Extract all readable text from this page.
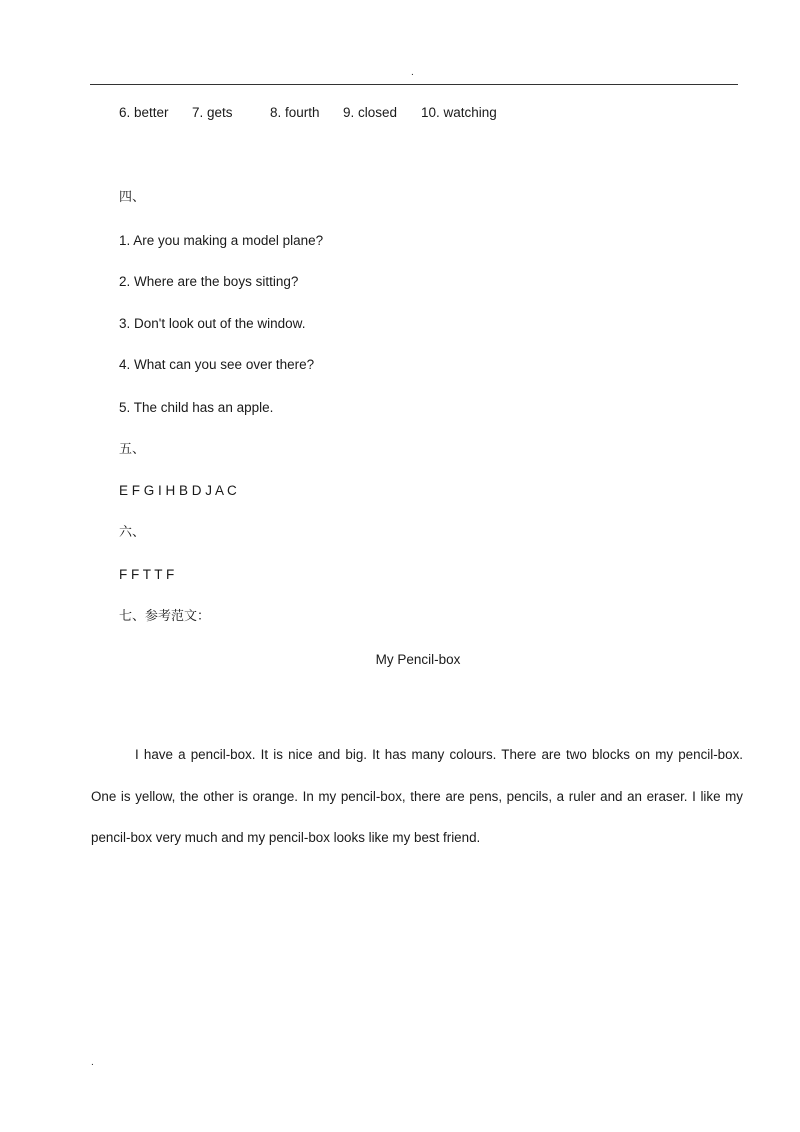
.
6. better 7. gets	8. fourth 9. closed 10. watching
四、
1. Are you making a model plane?
2. Where are the boys sitting?
3. Don't look out of the window.
4. What can you see over there?
5. The child has an apple.
五、
E F G I H B D J A C
六、
F F T T F
七、参考范文：
My Pencil-box
I have a pencil-box. It is nice and big. It has many colours. There are two blocks on my pencil-box. One is yellow, the other is orange. In my pencil-box, there are pens, pencils, a ruler and an eraser. I like my pencil-box very much and my pencil-box looks like my best friend.
.
